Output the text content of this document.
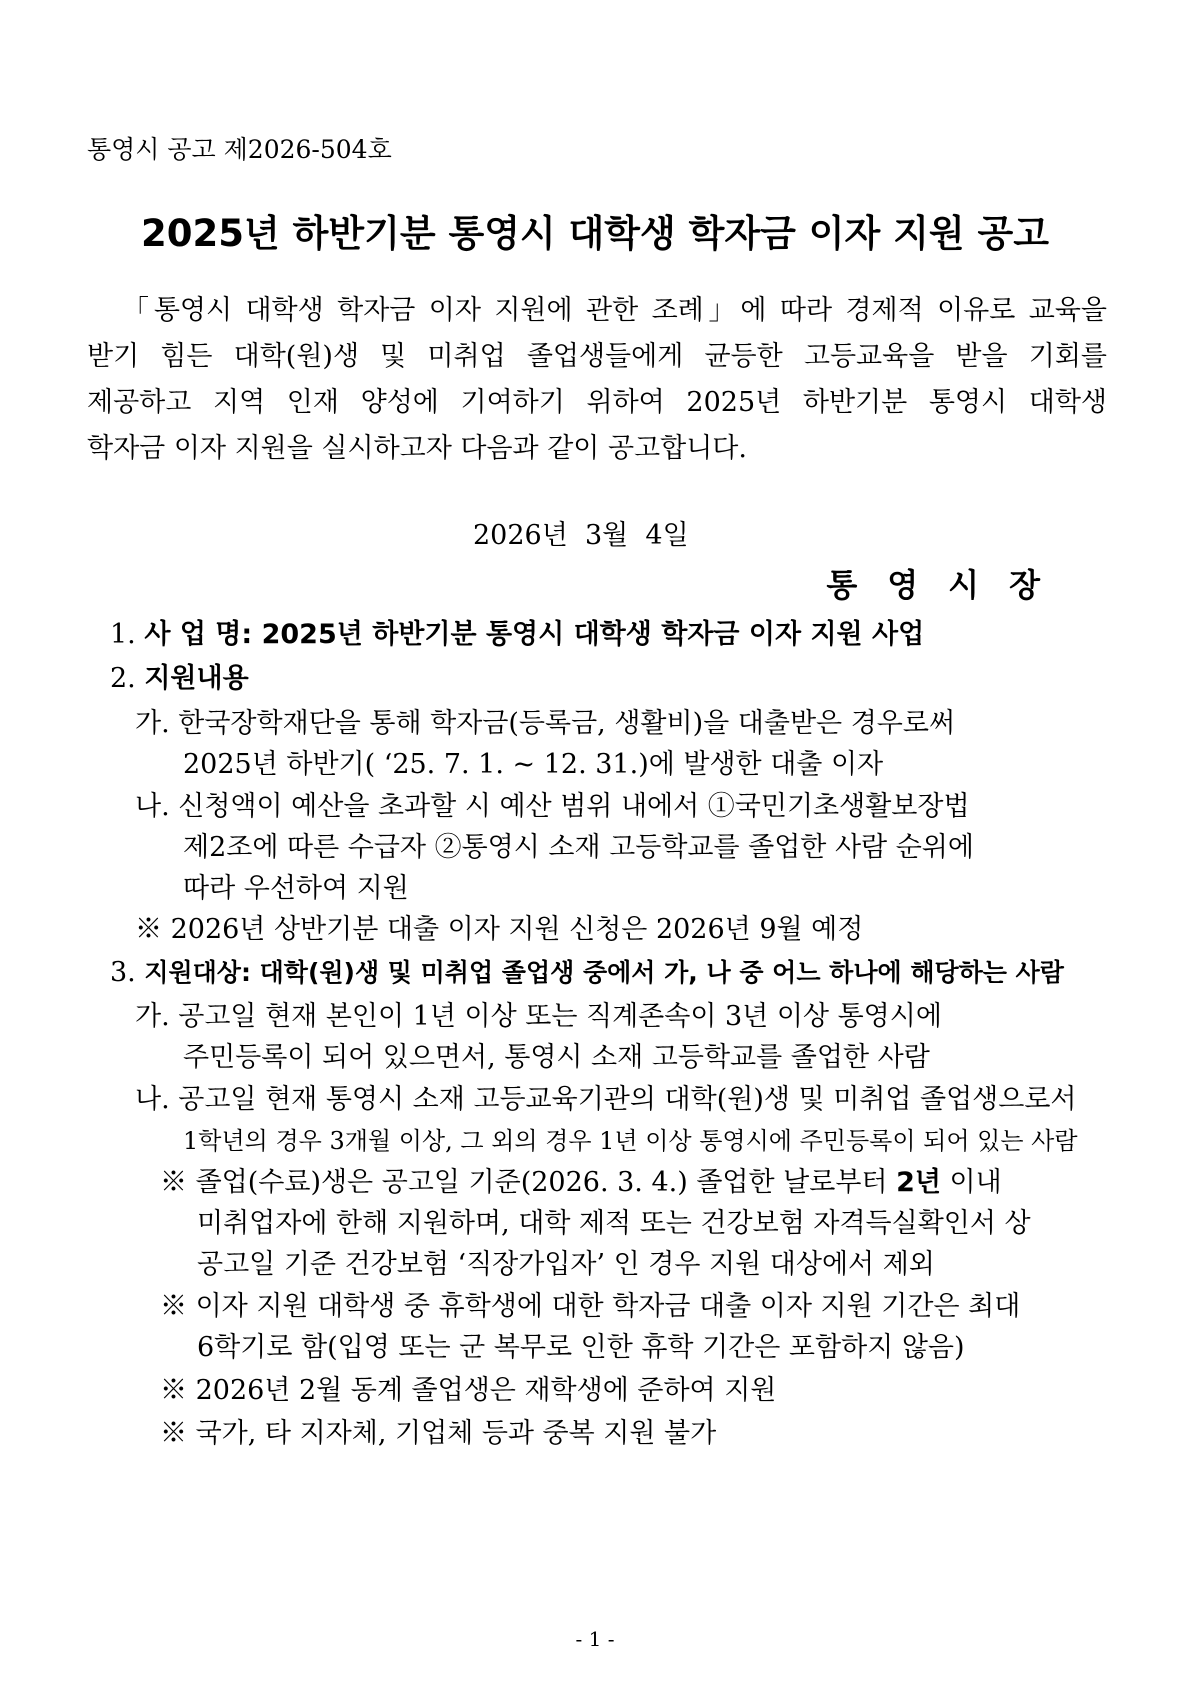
통영시 공고 제2026-504호
2025년 하반기분 통영시 대학생 학자금 이자 지원 공고
「통영시 대학생 학자금 이자 지원에 관한 조례」에 따라 경제적 이유로 교육을
받기 힘든 대학(원)생 및 미취업 졸업생들에게 균등한 고등교육을 받을 기회를
제공하고 지역 인재 양성에 기여하기 위하여 2025년 하반기분 통영시 대학생
학자금 이자 지원을 실시하고자 다음과 같이 공고합니다.
2026년  3월  4일
통영시장
1. 사 업 명: 2025년 하반기분 통영시 대학생 학자금 이자 지원 사업
2. 지원내용
가. 한국장학재단을 통해 학자금(등록금, 생활비)을 대출받은 경우로써
2025년 하반기( ‘25. 7. 1. ~ 12. 31.)에 발생한 대출 이자
나. 신청액이 예산을 초과할 시 예산 범위 내에서 ①국민기초생활보장법
제2조에 따른 수급자 ②통영시 소재 고등학교를 졸업한 사람 순위에
따라 우선하여 지원
※ 2026년 상반기분 대출 이자 지원 신청은 2026년 9월 예정
3. 지원대상: 대학(원)생 및 미취업 졸업생 중에서 가, 나 중 어느 하나에 해당하는 사람
가. 공고일 현재 본인이 1년 이상 또는 직계존속이 3년 이상 통영시에
주민등록이 되어 있으면서, 통영시 소재 고등학교를 졸업한 사람
나. 공고일 현재 통영시 소재 고등교육기관의 대학(원)생 및 미취업 졸업생으로서
1학년의 경우 3개월 이상, 그 외의 경우 1년 이상 통영시에 주민등록이 되어 있는 사람
※ 졸업(수료)생은 공고일 기준(2026. 3. 4.) 졸업한 날로부터 2년 이내
미취업자에 한해 지원하며, 대학 제적 또는 건강보험 자격득실확인서 상
공고일 기준 건강보험 ‘직장가입자’ 인 경우 지원 대상에서 제외
※ 이자 지원 대학생 중 휴학생에 대한 학자금 대출 이자 지원 기간은 최대
6학기로 함(입영 또는 군 복무로 인한 휴학 기간은 포함하지 않음)
※ 2026년 2월 동계 졸업생은 재학생에 준하여 지원
※ 국가, 타 지자체, 기업체 등과 중복 지원 불가
- 1 -
